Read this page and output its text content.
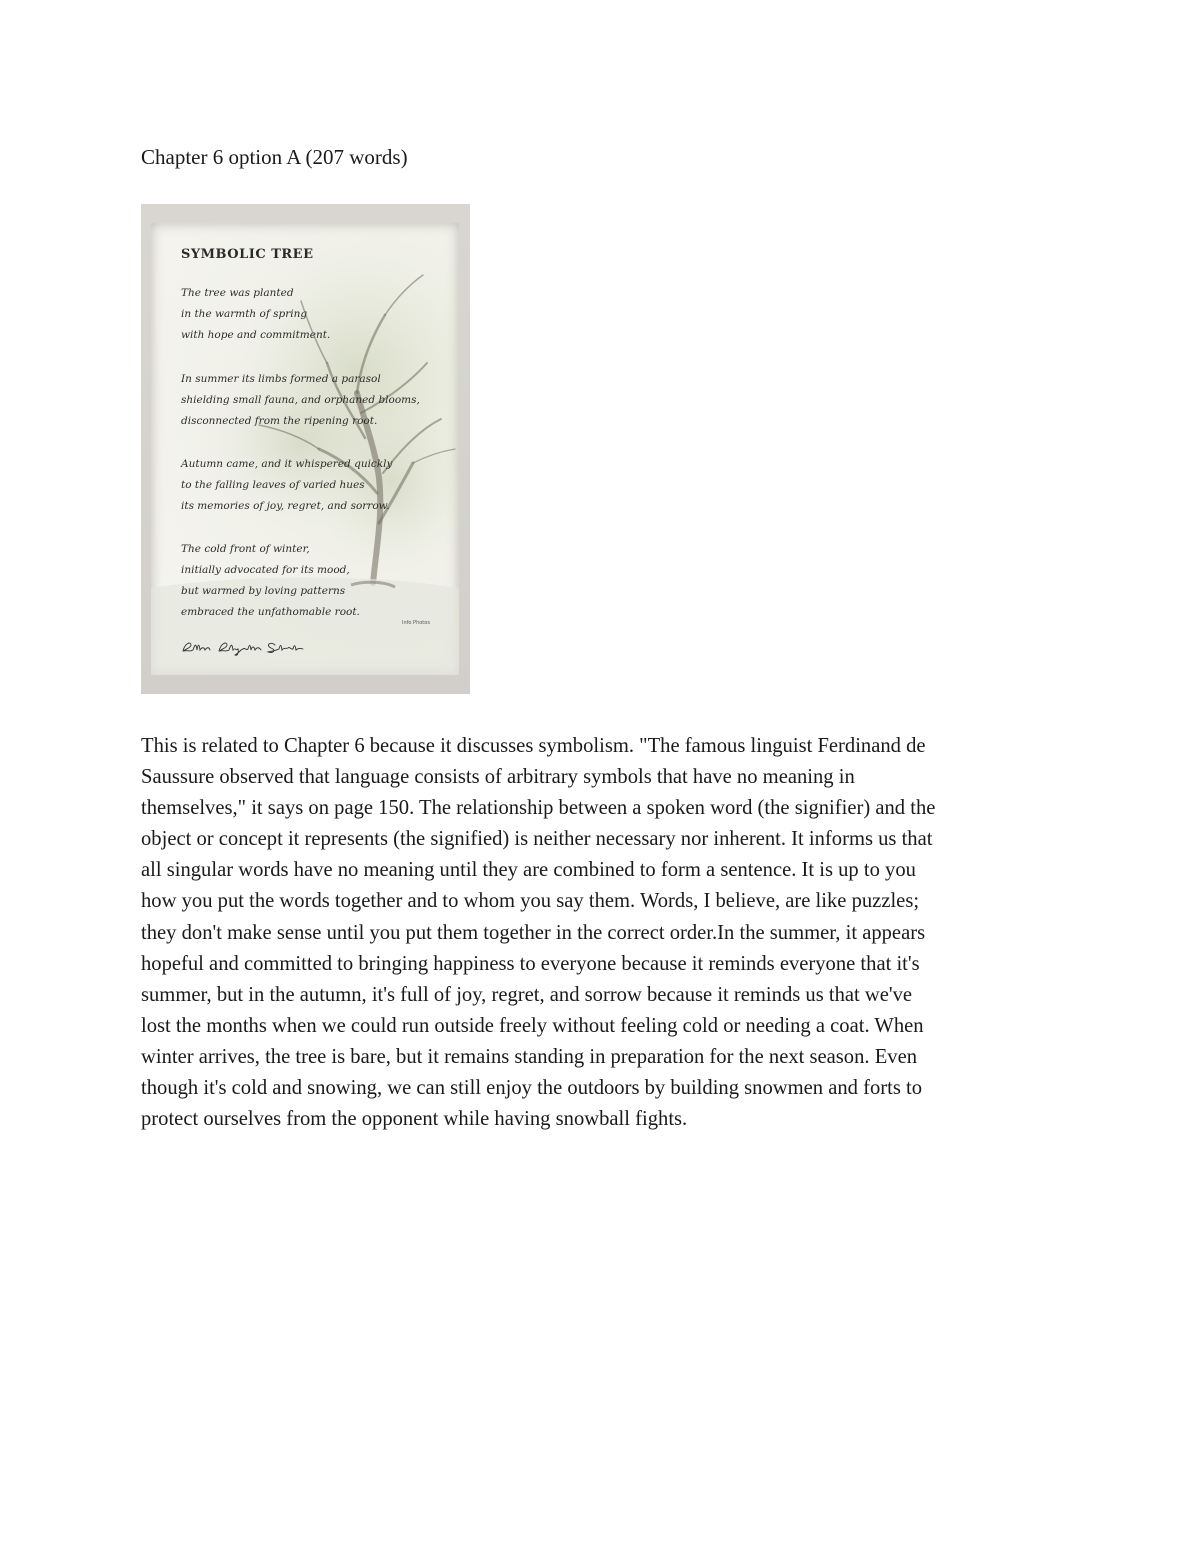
Chapter 6 option A (207 words)
SYMBOLIC TREE
The tree was planted
in the warmth of spring
with hope and commitment.
In summer its limbs formed a parasol
shielding small fauna, and orphaned blooms,
disconnected from the ripening root.
Autumn came, and it whispered quickly
to the falling leaves of varied hues
its memories of joy, regret, and sorrow.
The cold front of winter,
initially advocated for its mood,
but warmed by loving patterns
embraced the unfathomable root.
Info Photos
This is related to Chapter 6 because it discusses symbolism. "The famous linguist Ferdinand de
Saussure observed that language consists of arbitrary symbols that have no meaning in
themselves," it says on page 150. The relationship between a spoken word (the signifier) and the
object or concept it represents (the signified) is neither necessary nor inherent. It informs us that
all singular words have no meaning until they are combined to form a sentence. It is up to you
how you put the words together and to whom you say them. Words, I believe, are like puzzles;
they don't make sense until you put them together in the correct order.In the summer, it appears
hopeful and committed to bringing happiness to everyone because it reminds everyone that it's
summer, but in the autumn, it's full of joy, regret, and sorrow because it reminds us that we've
lost the months when we could run outside freely without feeling cold or needing a coat. When
winter arrives, the tree is bare, but it remains standing in preparation for the next season. Even
though it's cold and snowing, we can still enjoy the outdoors by building snowmen and forts to
protect ourselves from the opponent while having snowball fights.
